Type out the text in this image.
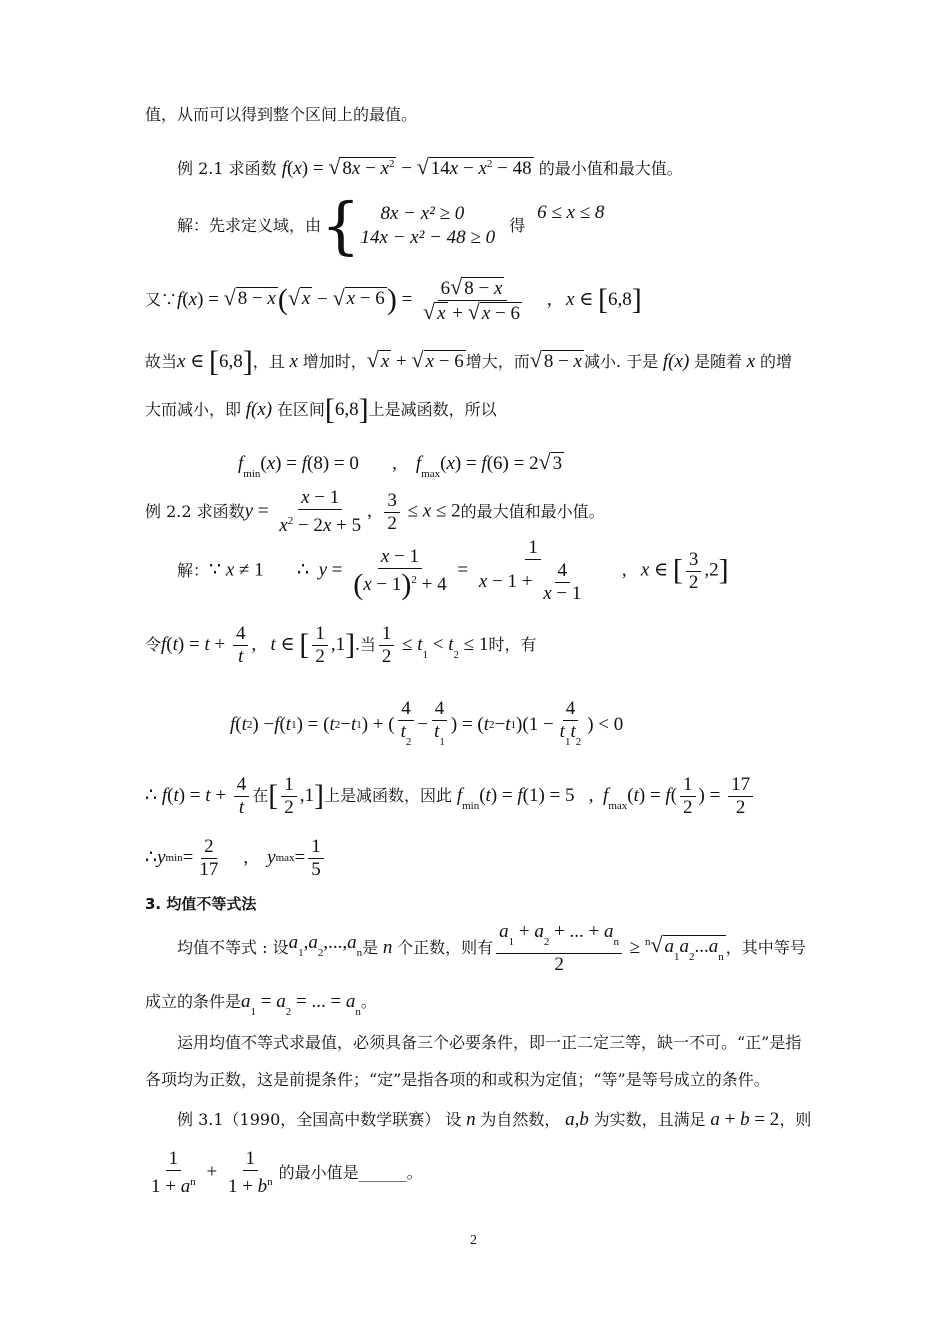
值，从而可以得到整个区间上的最值。
例 2.1 求函数 f(x) = √ $8x - x^2$ − √ $14x - x^2 - 48$ 的最小值和最大值。
解：先求定义域，由 {	8x − x² ≥ 0
14x − x² − 48 ≥ 0
得
6 ≤ x ≤ 8
又∵ f(x) = √ 8 − x(√ x − √ $x - 6) = \frac{6√ 8 - x}{√ x + √ x - 6}$ ,   x ∈ [6,8]
故当x ∈ [6,8]，且 x 增加时，√ x + √ x − 6 增大，而√ 8 − x 减小. 于是 f(x) 是随着 x 的增
大而减小，即 f(x) 在区间[6,8]上是减函数，所以
$f_{min}(x) = f(8) = 0$       ,    $f_{max}(x) = f(6) = 2√$ 3
例 2.2 求函数 $y = \frac{x - 1}{x^2 - 2x + 5}$ , $\frac{3}{2} \le x \le 2$ 的最大值和最小值。
解： ∵ x ≠ 1       ∴  $y = \frac{x - 1}{(x - 1)^2 + 4} = \frac{1}{x - 1 + \frac{4}{x - 1}}$ ,   x ∈ [ $\frac{3}{2} ,2$]
令 $f(t) = t + \frac{4}{t}$ ,   t ∈ [ $\frac{1}{2} ,1$]. 当 $\frac{1}{2} \le t_1 < t_2 \le 1$ 时，有
f ( t 2 ) − f ( t 1 ) = ( t 2 − t 1 ) + ( $\frac{4}{t_2} - \frac{4}{t_1}$ ) = ( t 2 − t 1 )($1 - \frac{4}{t_1t_2}$ ) < 0
∴ $f(t) = t + \frac{4}{t}$ 在 [ $\frac{1}{2} ,1$] 上是减函数，因此 $f_{min}(t) = f(1) = 5$   ,  $f_{max}(t) = f( \frac{1}{2}$ ) = $\frac{17}{2}$
∴ y $\min = \frac{2}{17}$ , y $\max = \frac{1}{5}$
3. 均值不等式法
均值不等式 : 设 $a_1,a_2,...,a_n$ 是 n 个正数，则有 $\frac{a_1 + a_2 + ... + a_n}{2} \ge ^n√$ $a_1a_2...a_n$
，其中等号
成立的条件是$a_1 = a_2$ = ... = $a_n$。
运用均值不等式求最值，必须具备三个必要条件，即一正二定三等，缺一不可。“正”是指
各项均为正数，这是前提条件；“定”是指各项的和或积为定值；“等”是等号成立的条件。
例 3.1（1990，全国高中数学联赛） 设 n 为自然数， a,b 为实数，且满足 a + b = 2，则
$\frac{1}{1 + a^n} + \frac{1}{1 + b^n}$ 的最小值是______。
2
